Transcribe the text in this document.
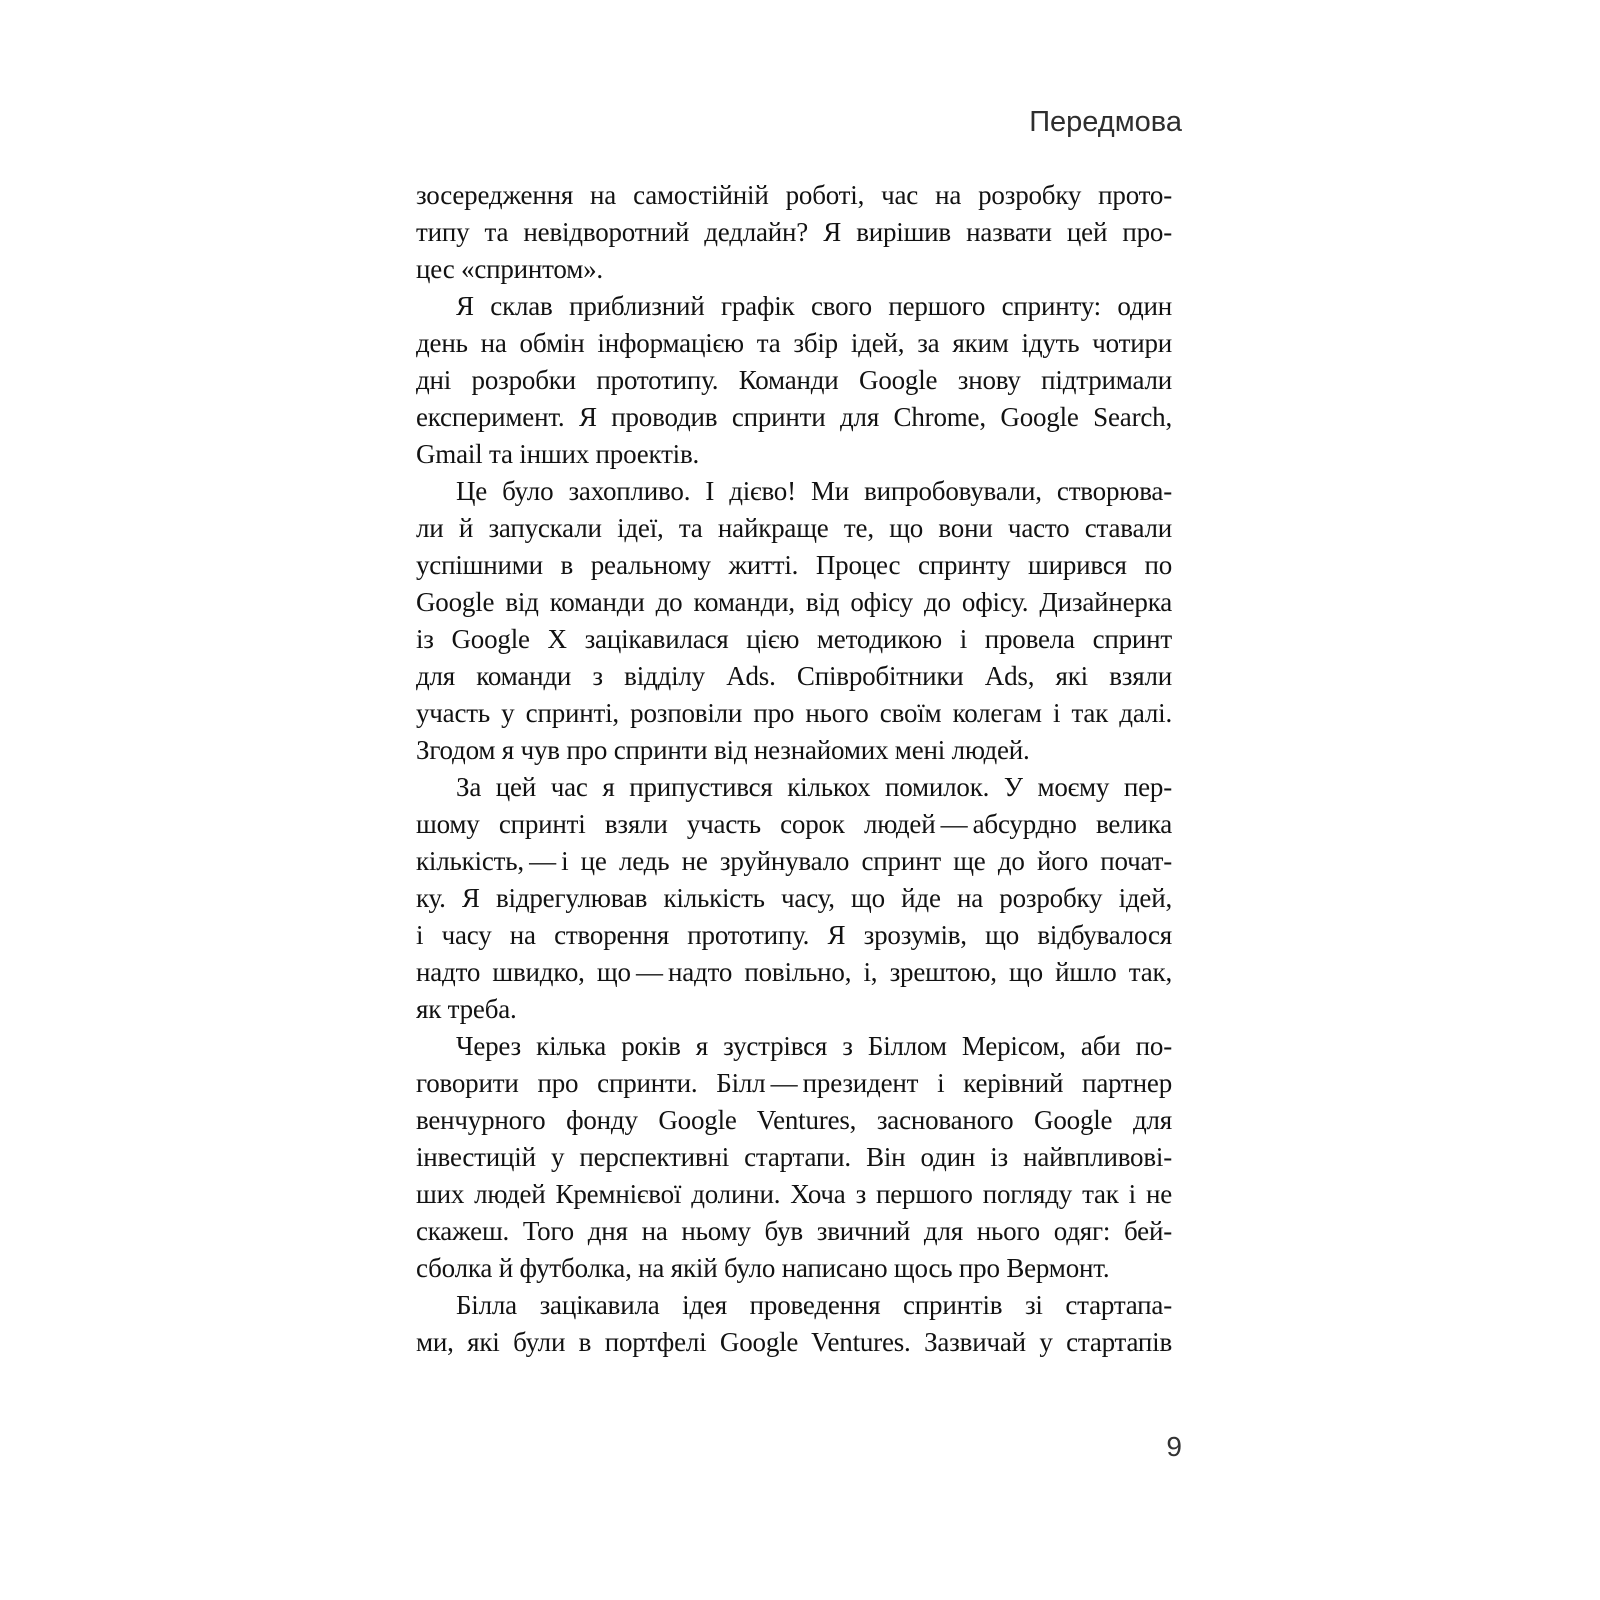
Передмова
зосередження на самостійній роботі, час на розробку прото-
типу та невідворотний дедлайн? Я вирішив назвати цей про-
цес «спринтом».
Я склав приблизний графік свого першого спринту: один
день на обмін інформацією та збір ідей, за яким ідуть чотири
дні розробки прототипу. Команди Google знову підтримали
експеримент. Я проводив спринти для Chrome, Google Search,
Gmail та інших проектів.
Це було захопливо. І дієво! Ми випробовували, створюва-
ли й запускали ідеї, та найкраще те, що вони часто ставали
успішними в реальному житті. Процес спринту ширився по
Google від команди до команди, від офісу до офісу. Дизайнерка
із Google X зацікавилася цією методикою і провела спринт
для команди з відділу Ads. Співробітники Ads, які взяли
участь у спринті, розповіли про нього своїм колегам і так далі.
Згодом я чув про спринти від незнайомих мені людей.
За цей час я припустився кількох помилок. У моєму пер-
шому спринті взяли участь сорок людей — абсурдно велика
кількість, — і це ледь не зруйнувало спринт ще до його почат-
ку. Я відрегулював кількість часу, що йде на розробку ідей,
і часу на створення прототипу. Я зрозумів, що відбувалося
надто швидко, що — надто повільно, і, зрештою, що йшло так,
як треба.
Через кілька років я зустрівся з Біллом Мерісом, аби по-
говорити про спринти. Білл — президент і керівний партнер
венчурного фонду Google Ventures, заснованого Google для
інвестицій у перспективні стартапи. Він один із найвпливові-
ших людей Кремнієвої долини. Хоча з першого погляду так і не
скажеш. Того дня на ньому був звичний для нього одяг: бей-
сболка й футболка, на якій було написано щось про Вермонт.
Білла зацікавила ідея проведення спринтів зі стартапа-
ми, які були в портфелі Google Ventures. Зазвичай у стартапів
9
